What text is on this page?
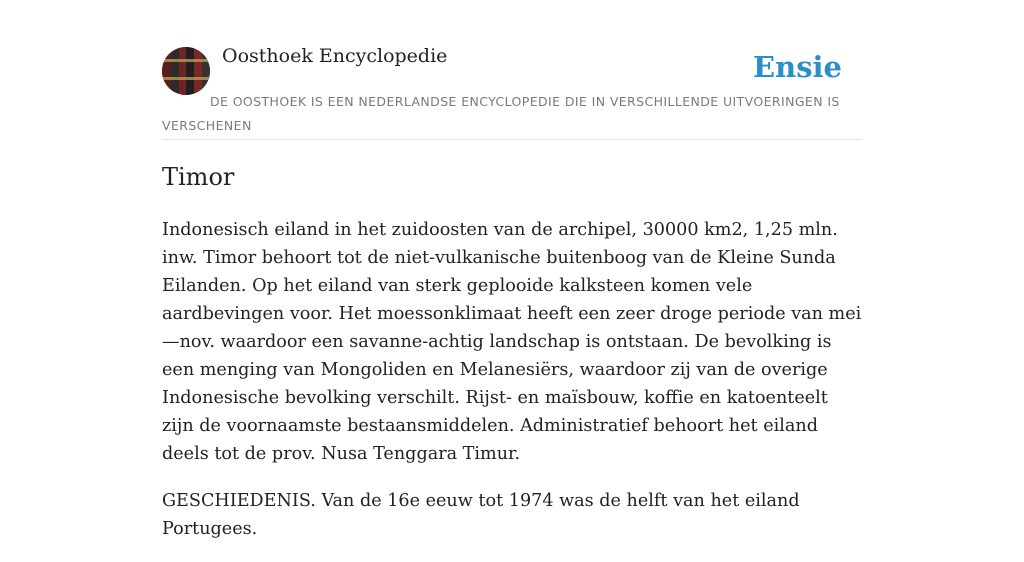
Oosthoek Encyclopedie	Ensie
DE OOSTHOEK IS EEN NEDERLANDSE ENCYCLOPEDIE DIE IN VERSCHILLENDE UITVOERINGEN IS VERSCHENEN
Timor

Indonesisch eiland in het zuidoosten van de archipel, 30000 km2, 1,25 mln. inw. Timor behoort tot de niet-vulkanische buitenboog van de Kleine Sunda Eilanden. Op het eiland van sterk geplooide kalksteen komen vele aardbevingen voor. Het moessonklimaat heeft een zeer droge periode van mei—nov. waardoor een savanne-achtig landschap is ontstaan. De bevolking is een menging van Mongoliden en Melanesiërs, waardoor zij van de overige Indonesische bevolking verschilt. Rijst- en maïsbouw, koffie en katoenteelt zijn de voornaamste bestaansmiddelen. Administratief behoort het eiland deels tot de prov. Nusa Tenggara Timur.

GESCHIEDENIS. Van de 16e eeuw tot 1974 was de helft van het eiland Portugees.
